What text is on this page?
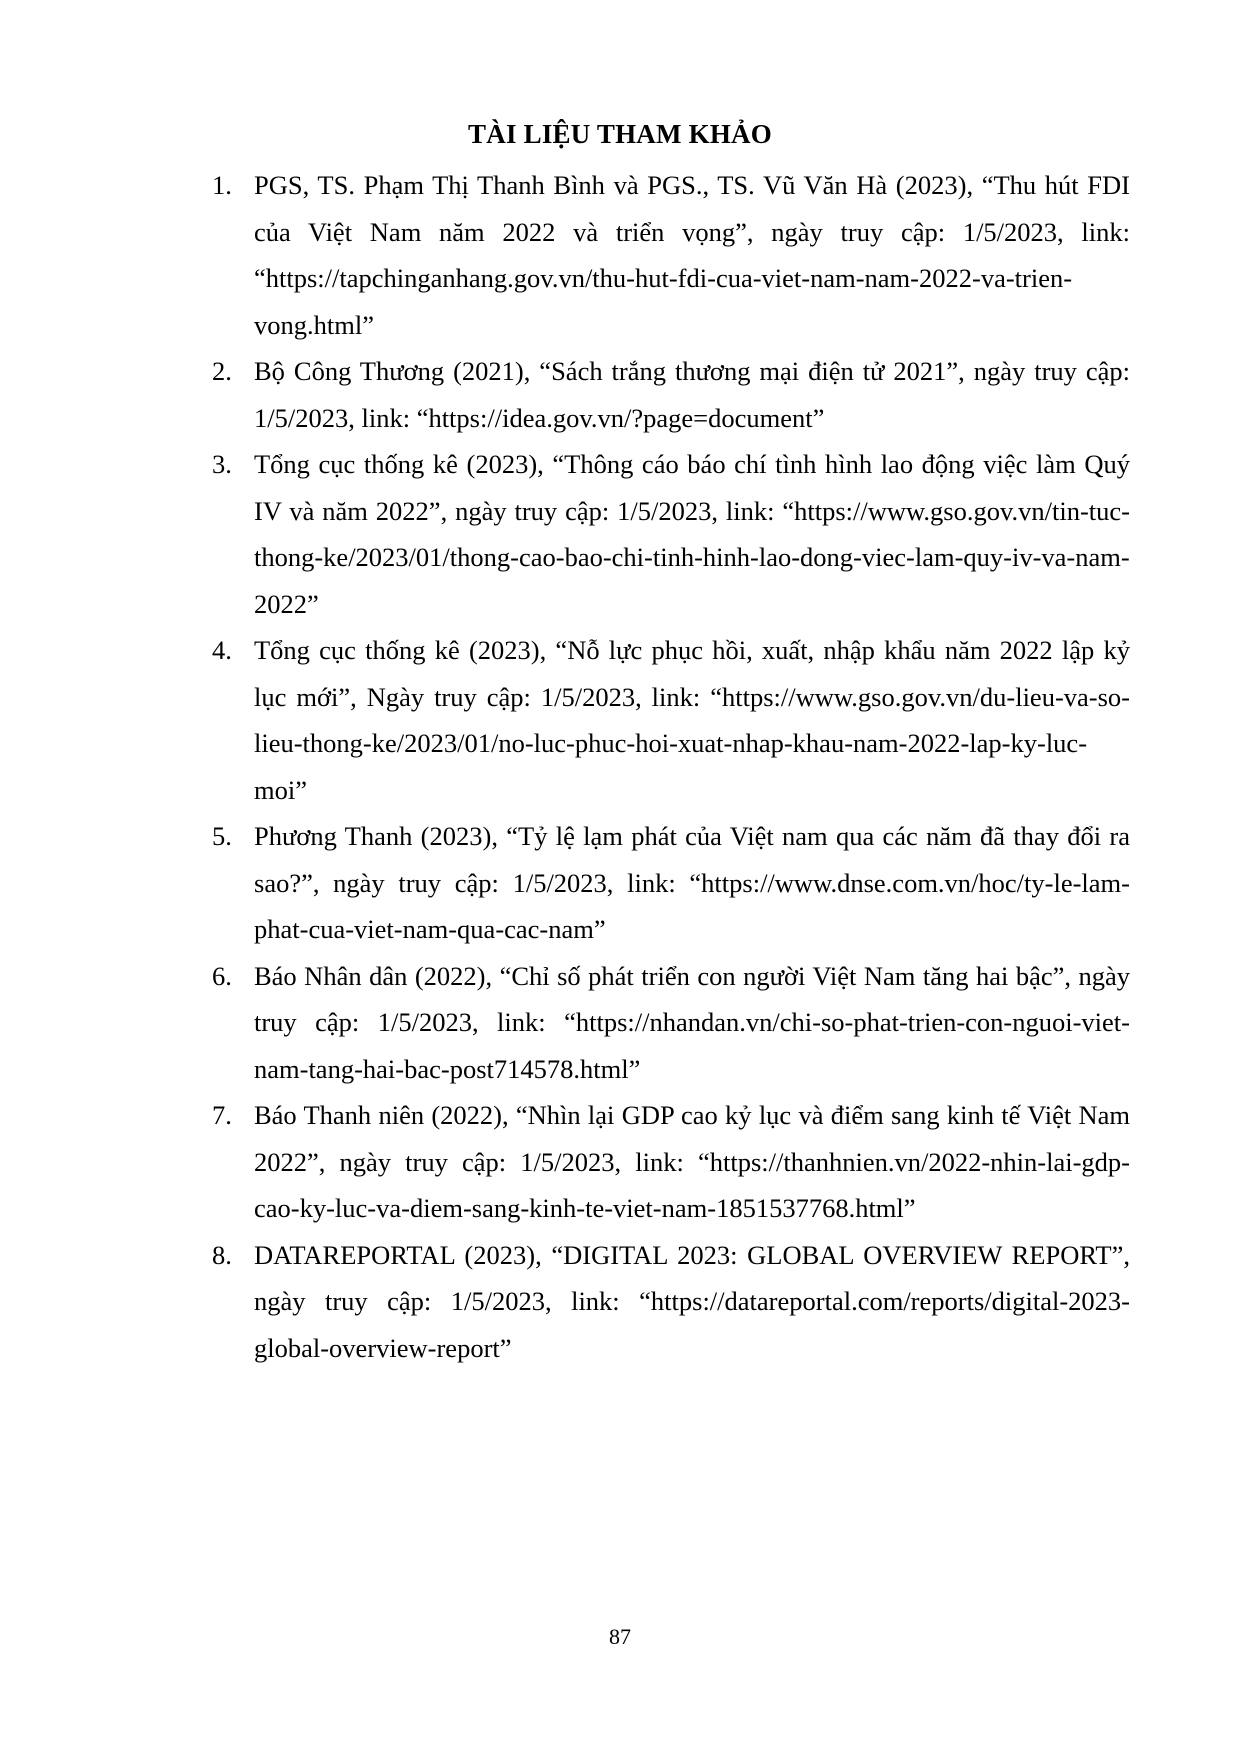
TÀI LIỆU THAM KHẢO
1. PGS, TS. Phạm Thị Thanh Bình và PGS., TS. Vũ Văn Hà (2023), “Thu hút FDI của Việt Nam năm 2022 và triển vọng”, ngày truy cập: 1/5/2023, link: “https://tapchinganhang.gov.vn/thu-hut-fdi-cua-viet-nam-nam-2022-va-trien-vong.html”
2. Bộ Công Thương (2021), “Sách trắng thương mại điện tử 2021”, ngày truy cập: 1/5/2023, link: “https://idea.gov.vn/?page=document”
3. Tổng cục thống kê (2023), “Thông cáo báo chí tình hình lao động việc làm Quý IV và năm 2022”, ngày truy cập: 1/5/2023, link: “https://www.gso.gov.vn/tin-tuc-thong-ke/2023/01/thong-cao-bao-chi-tinh-hinh-lao-dong-viec-lam-quy-iv-va-nam-2022”
4. Tổng cục thống kê (2023), “Nỗ lực phục hồi, xuất, nhập khẩu năm 2022 lập kỷ lục mới”, Ngày truy cập: 1/5/2023, link: “https://www.gso.gov.vn/du-lieu-va-so-lieu-thong-ke/2023/01/no-luc-phuc-hoi-xuat-nhap-khau-nam-2022-lap-ky-luc-moi”
5. Phương Thanh (2023), “Tỷ lệ lạm phát của Việt nam qua các năm đã thay đổi ra sao?”, ngày truy cập: 1/5/2023, link: “https://www.dnse.com.vn/hoc/ty-le-lam-phat-cua-viet-nam-qua-cac-nam”
6. Báo Nhân dân (2022), “Chỉ số phát triển con người Việt Nam tăng hai bậc”, ngày truy cập: 1/5/2023, link: “https://nhandan.vn/chi-so-phat-trien-con-nguoi-viet-nam-tang-hai-bac-post714578.html”
7. Báo Thanh niên (2022), “Nhìn lại GDP cao kỷ lục và điểm sang kinh tế Việt Nam 2022”, ngày truy cập: 1/5/2023, link: “https://thanhnien.vn/2022-nhin-lai-gdp-cao-ky-luc-va-diem-sang-kinh-te-viet-nam-1851537768.html”
8. DATAREPORTAL (2023), “DIGITAL 2023: GLOBAL OVERVIEW REPORT”, ngày truy cập: 1/5/2023, link: “https://datareportal.com/reports/digital-2023-global-overview-report”
87
